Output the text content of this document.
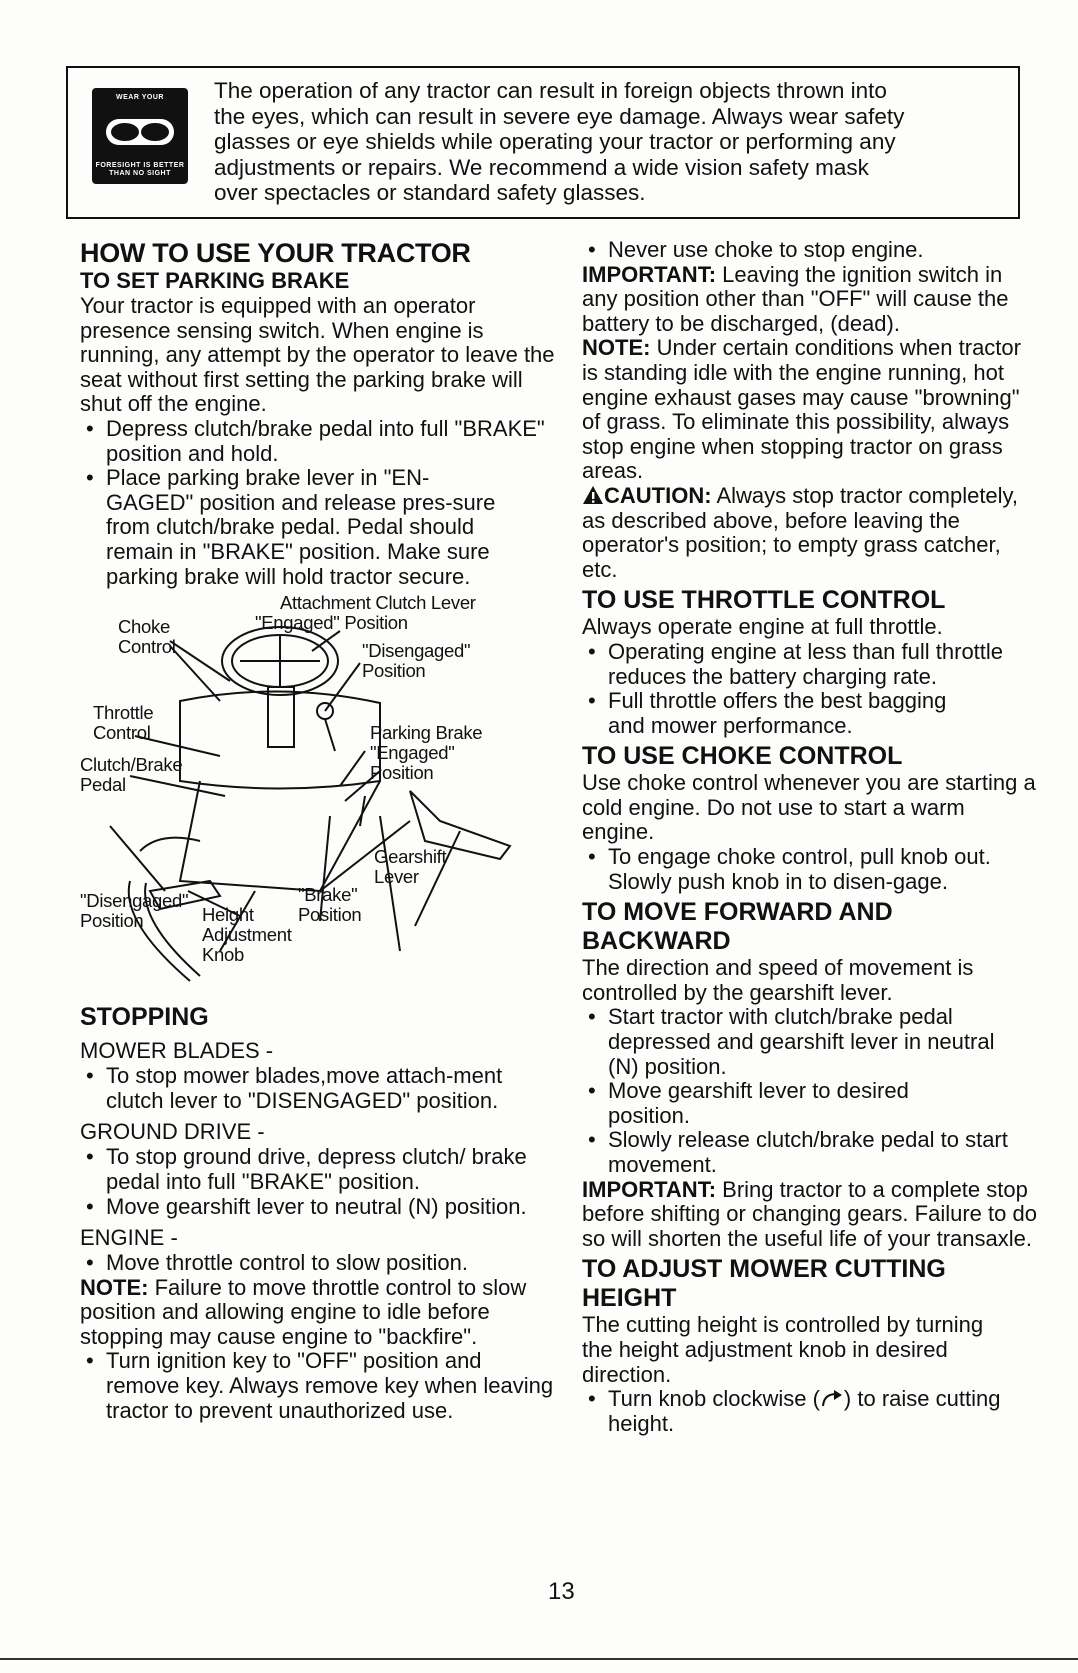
WEAR YOUR
FORESIGHT IS BETTER THAN NO SIGHT

The operation of any tractor can result in foreign objects thrown into

the eyes, which can result in severe eye damage. Always wear safety

glasses or eye shields while operating your tractor or performing any

adjustments or repairs. We recommend a wide vision safety mask

over spectacles or standard safety glasses.

HOW TO USE YOUR TRACTOR

TO SET PARKING BRAKE

Your tractor is equipped with an operator presence sensing switch. When engine is running, any attempt by the operator to leave the seat without first setting the parking brake will shut off the engine.

• Depress clutch/brake pedal into full "BRAKE" position and hold.

• Place parking brake lever in "EN-GAGED" position and release pres-sure from clutch/brake pedal. Pedal should remain in "BRAKE" position. Make sure parking brake will hold tractor secure.

Attachment Clutch Lever
"Engaged" Position
Choke
Control	"Disengaged"
Position
Throttle
Control	Parking Brake
"Engaged"
Position
Clutch/Brake
Pedal
Gearshift
Lever
"Brake"
Position
"Disengaged"
Position	Height
Adjustment
Knob

STOPPING

MOWER BLADES -

• To stop mower blades,move attach-ment clutch lever to "DISENGAGED" position.

GROUND DRIVE -

• To stop ground drive, depress clutch/ brake pedal into full "BRAKE" position.

• Move gearshift lever to neutral (N) position.

ENGINE -

• Move throttle control to slow position.

NOTE: Failure to move throttle control to slow position and allowing engine to idle before stopping may cause engine to "backfire".

• Turn ignition key to "OFF" position and remove key. Always remove key when leaving tractor to prevent unauthorized use.

• Never use choke to stop engine.

IMPORTANT: Leaving the ignition switch in any position other than "OFF" will cause the battery to be discharged, (dead).

NOTE: Under certain conditions when tractor is standing idle with the engine running, hot engine exhaust gases may cause "browning" of grass. To eliminate this possibility, always stop engine when stopping tractor on grass areas.

CAUTION: Always stop tractor completely, as described above, before leaving the operator's position; to empty grass catcher, etc.

TO USE THROTTLE CONTROL

Always operate engine at full throttle.

• Operating engine at less than full throttle reduces the battery charging rate.

• Full throttle offers the best bagging and mower performance.

TO USE CHOKE CONTROL

Use choke control whenever you are starting a cold engine. Do not use to start a warm engine.

• To engage choke control, pull knob out. Slowly push knob in to disen-gage.

TO MOVE FORWARD AND BACKWARD

The direction and speed of movement is controlled by the gearshift lever.

• Start tractor with clutch/brake pedal depressed and gearshift lever in neutral (N) position.

• Move gearshift lever to desired position.

• Slowly release clutch/brake pedal to start movement.

IMPORTANT: Bring tractor to a complete stop before shifting or changing gears. Failure to do so will shorten the useful life of your transaxle.

TO ADJUST MOWER CUTTING HEIGHT

The cutting height is controlled by turning the height adjustment knob in desired direction.

• Turn knob clockwise ( ) to raise cutting height.

13
